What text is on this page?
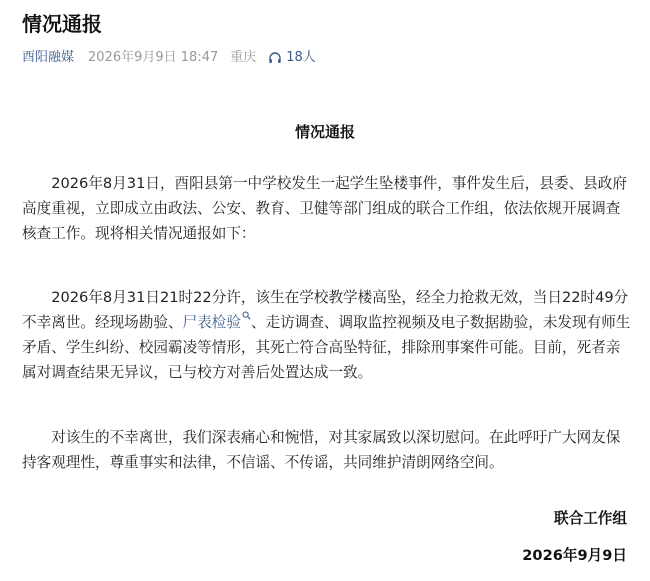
情况通报
酉阳融媒 2026年9月9日 18:47 重庆 18人
情况通报

2026年8月31日，酉阳县第一中学校发生一起学生坠楼事件，事件发生后，县委、县政府高度重视，立即成立由政法、公安、教育、卫健等部门组成的联合工作组，依法依规开展调查核查工作。现将相关情况通报如下：

2026年8月31日21时22分许，该生在学校教学楼高坠，经全力抢救无效，当日22时49分不幸离世。经现场勘验、尸表检验 、走访调查、调取监控视频及电子数据勘验，未发现有师生矛盾、学生纠纷、校园霸凌等情形，其死亡符合高坠特征，排除刑事案件可能。目前，死者亲属对调查结果无异议，已与校方对善后处置达成一致。

对该生的不幸离世，我们深表痛心和惋惜，对其家属致以深切慰问。在此呼吁广大网友保持客观理性，尊重事实和法律，不信谣、不传谣，共同维护清朗网络空间。

联合工作组
2026年9月9日
